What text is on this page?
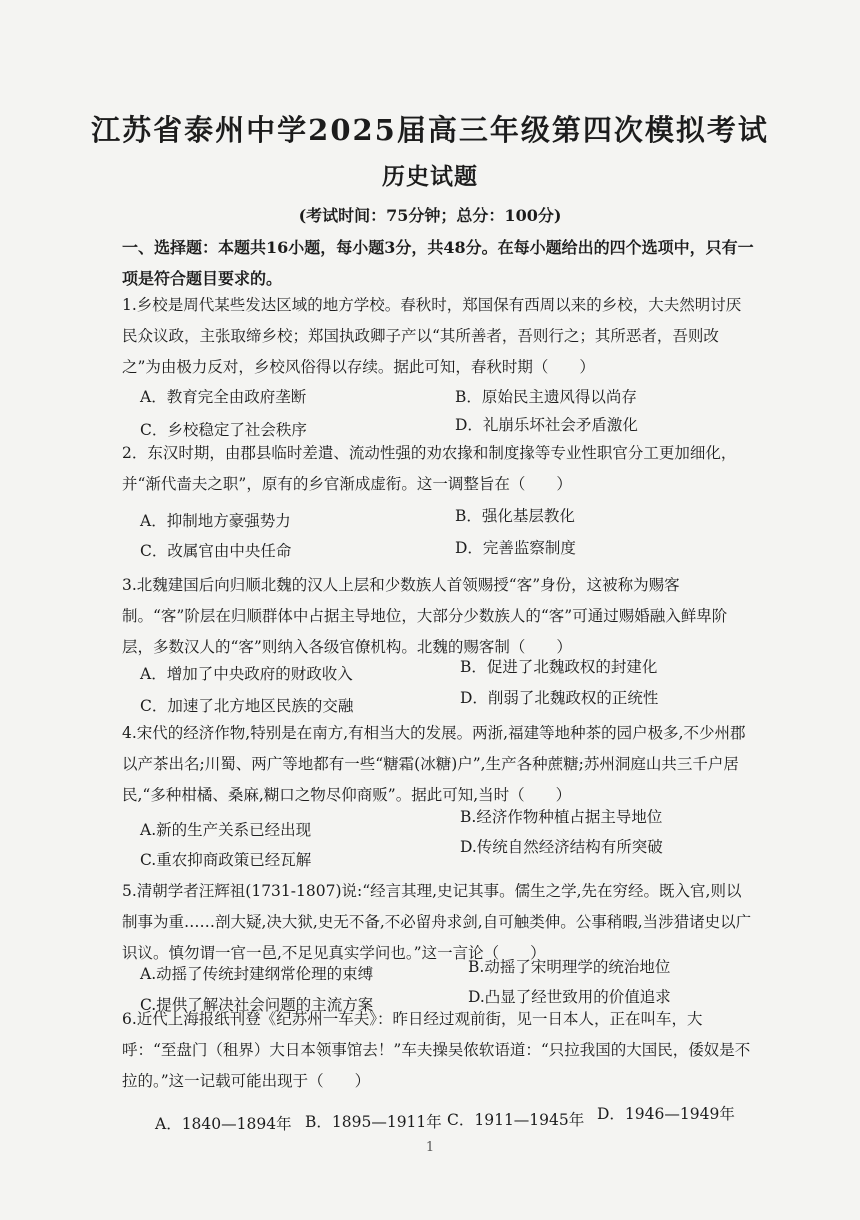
江苏省泰州中学2025届高三年级第四次模拟考试
历史试题
(考试时间：75分钟；总分：100分)
一、选择题：本题共16小题，每小题3分，共48分。在每小题给出的四个选项中，只有一项是符合题目要求的。
1.乡校是周代某些发达区域的地方学校。春秋时，郑国保有西周以来的乡校，大夫然明讨厌民众议政，主张取缔乡校；郑国执政卿子产以“其所善者，吾则行之；其所恶者，吾则改之”为由极力反对，乡校风俗得以存续。据此可知，春秋时期（　　）
A．教育完全由政府垄断	B．原始民主遗风得以尚存
C．乡校稳定了社会秩序	D．礼崩乐坏社会矛盾激化
2．东汉时期，由郡县临时差遣、流动性强的劝农掾和制度掾等专业性职官分工更加细化，并“渐代啬夫之职”，原有的乡官渐成虚衔。这一调整旨在（　　）
A．抑制地方豪强势力	B．强化基层教化
C．改属官由中央任命	D．完善监察制度
3.北魏建国后向归顺北魏的汉人上层和少数族人首领赐授“客”身份，这被称为赐客制。“客”阶层在归顺群体中占据主导地位，大部分少数族人的“客”可通过赐婚融入鲜卑阶层，多数汉人的“客”则纳入各级官僚机构。北魏的赐客制（　　）
A．增加了中央政府的财政收入	B．促进了北魏政权的封建化
C．加速了北方地区民族的交融	D．削弱了北魏政权的正统性
4.宋代的经济作物,特别是在南方,有相当大的发展。两浙,福建等地种茶的园户极多,不少州郡以产茶出名;川蜀、两广等地都有一些“糖霜(冰糖)户”,生产各种蔗糖;苏州洞庭山共三千户居民,“多种柑橘、桑麻,糊口之物尽仰商贩”。据此可知,当时（　　）
A.新的生产关系已经出现
B.经济作物种植占据主导地位
C.重农抑商政策已经瓦解
D.传统自然经济结构有所突破
5.清朝学者汪辉祖(1731-1807)说:“经言其理,史记其事。儒生之学,先在穷经。既入官,则以制事为重……剖大疑,决大狱,史无不备,不必留舟求剑,自可触类伸。公事稍暇,当涉猎诸史以广识议。慎勿谓一官一邑,不足见真实学问也。”这一言论（　　）
A.动摇了传统封建纲常伦理的束缚	B.动摇了宋明理学的统治地位
C.提供了解决社会问题的主流方案	D.凸显了经世致用的价值追求
6.近代上海报纸刊登《纪苏州一车夫》：昨日经过观前街，见一日本人，正在叫车，大呼：“至盘门（租界）大日本领事馆去！”车夫操吴侬软语道：“只拉我国的大国民，倭奴是不拉的。”这一记载可能出现于（　　）
A．1840—1894年 B．1895—1911年 C．1911—1945年 D．1946—1949年
1
